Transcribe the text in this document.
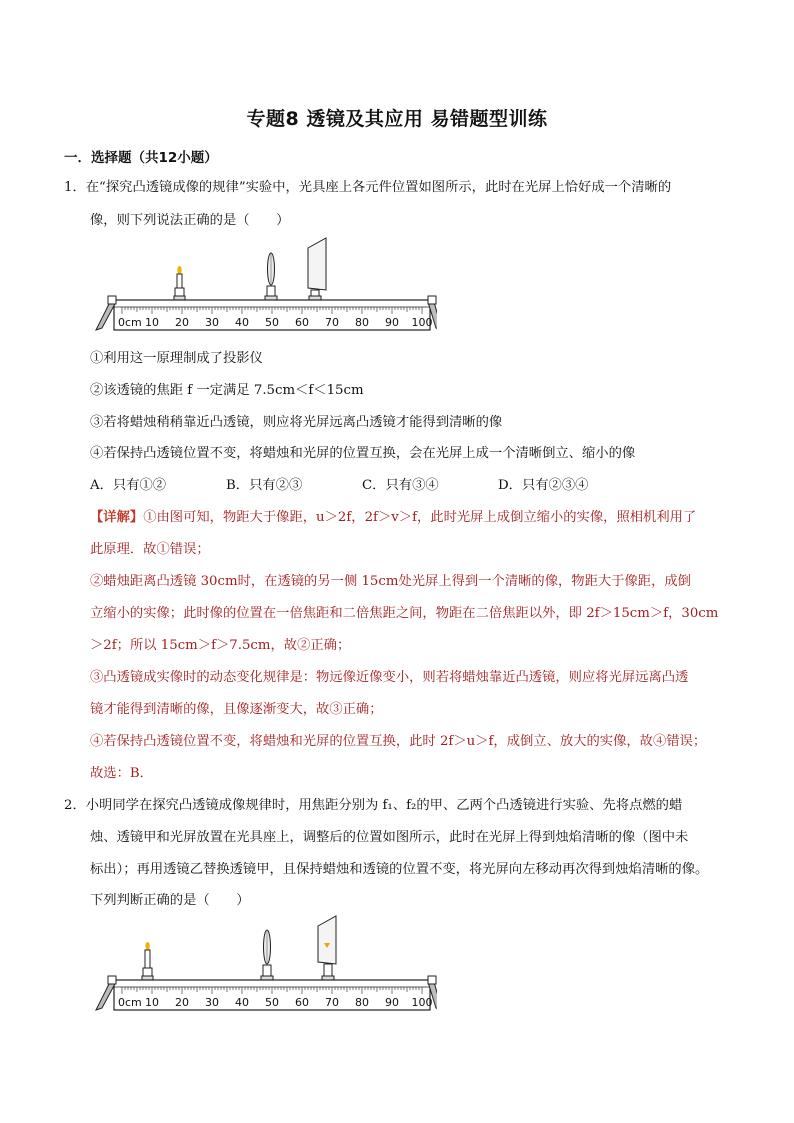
专题8 透镜及其应用 易错题型训练
一．选择题（共12小题）
1．在“探究凸透镜成像的规律”实验中，光具座上各元件位置如图所示，此时在光屏上恰好成一个清晰的
像，则下列说法正确的是（　　）
0cm 10 20 30 40 50 60 70 80 90 100
①利用这一原理制成了投影仪
②该透镜的焦距 f 一定满足 7.5cm＜f＜15cm
③若将蜡烛稍稍靠近凸透镜，则应将光屏远离凸透镜才能得到清晰的像
④若保持凸透镜位置不变，将蜡烛和光屏的位置互换，会在光屏上成一个清晰倒立、缩小的像
A．只有①②	B．只有②③	C．只有③④	D．只有②③④
【详解】①由图可知，物距大于像距，u＞2f，2f＞v＞f，此时光屏上成倒立缩小的实像，照相机利用了
此原理．故①错误；
②蜡烛距离凸透镜 30cm时，在透镜的另一侧 15cm处光屏上得到一个清晰的像，物距大于像距，成倒
立缩小的实像；此时像的位置在一倍焦距和二倍焦距之间，物距在二倍焦距以外，即 2f＞15cm＞f，30cm
＞2f；所以 15cm＞f＞7.5cm，故②正确；
③凸透镜成实像时的动态变化规律是：物远像近像变小，则若将蜡烛靠近凸透镜，则应将光屏远离凸透
镜才能得到清晰的像，且像逐渐变大，故③正确；
④若保持凸透镜位置不变，将蜡烛和光屏的位置互换，此时 2f＞u＞f，成倒立、放大的实像，故④错误；
故选：B．
2．小明同学在探究凸透镜成像规律时，用焦距分别为 f₁、f₂的甲、乙两个凸透镜进行实验、先将点燃的蜡
烛、透镜甲和光屏放置在光具座上，调整后的位置如图所示，此时在光屏上得到烛焰清晰的像（图中未
标出）；再用透镜乙替换透镜甲，且保持蜡烛和透镜的位置不变，将光屏向左移动再次得到烛焰清晰的像。
下列判断正确的是（　　）
0cm 10 20 30 40 50 60 70 80 90 100
